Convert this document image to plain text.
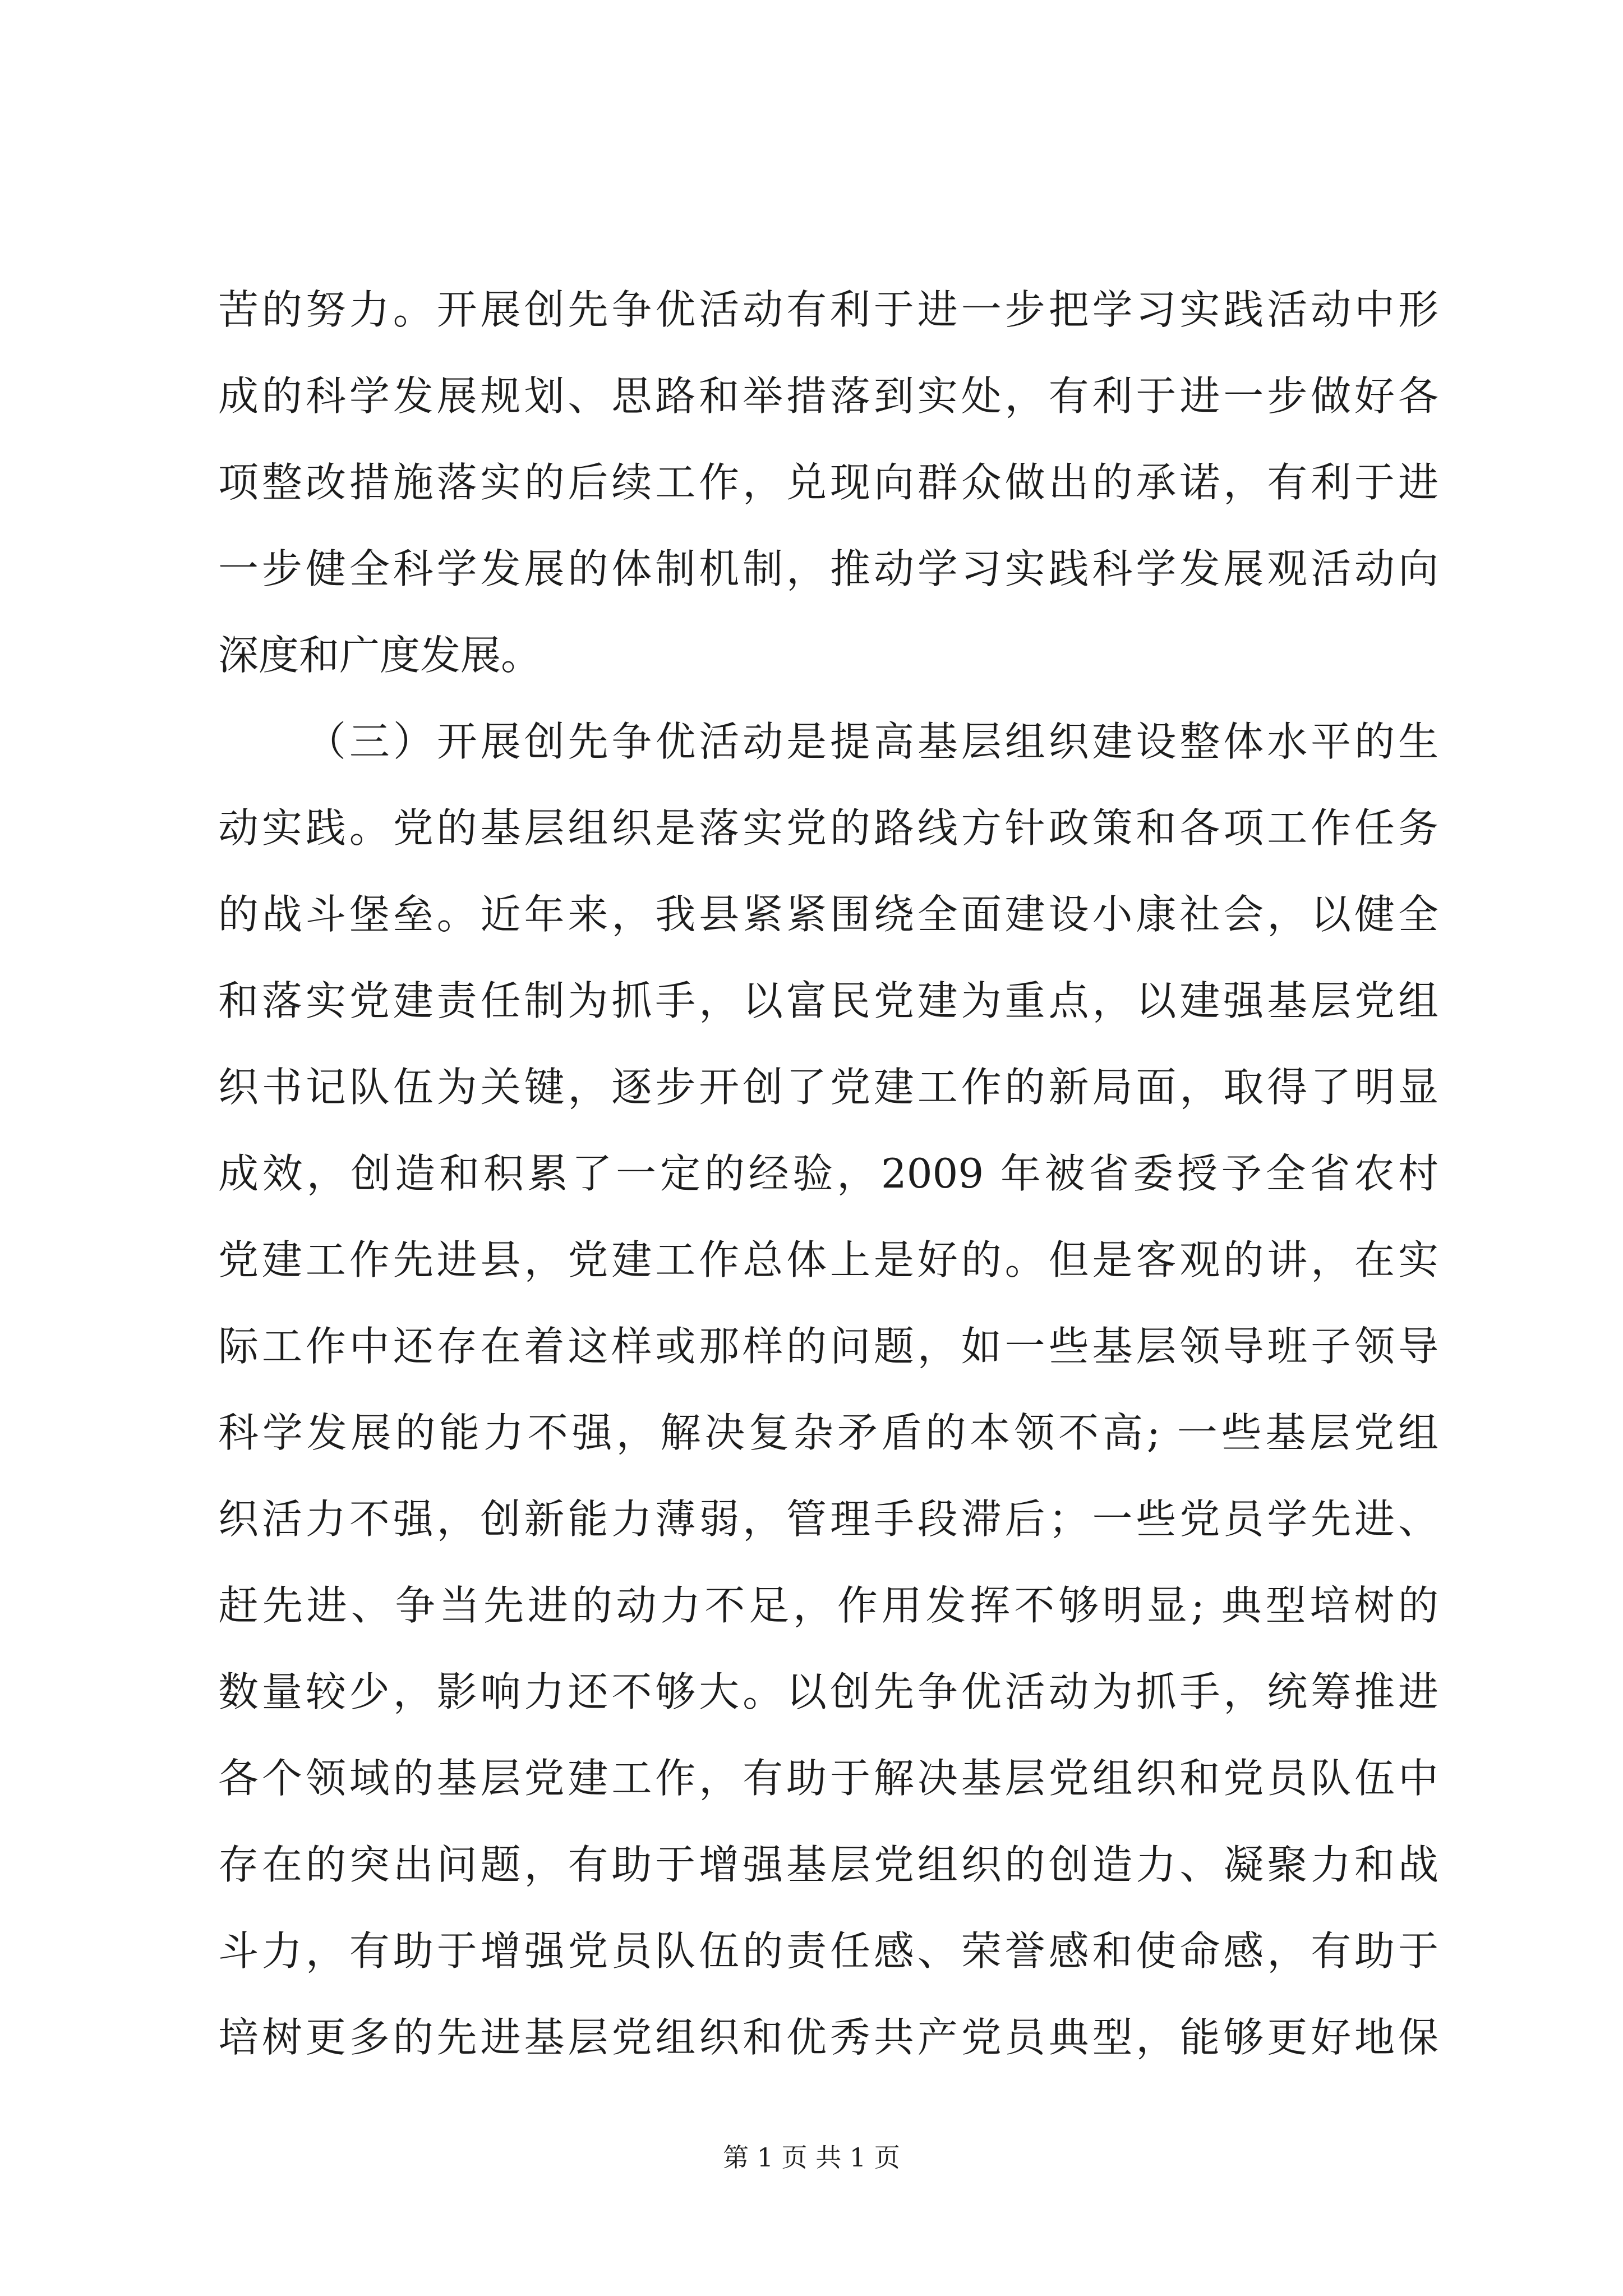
苦的努力。开展创先争优活动有利于进一步把学习实践活动中形
成的科学发展规划、思路和举措落到实处，有利于进一步做好各
项整改措施落实的后续工作，兑现向群众做出的承诺，有利于进
一步健全科学发展的体制机制，推动学习实践科学发展观活动向
深度和广度发展。
（三）开展创先争优活动是提高基层组织建设整体水平的生
动实践。党的基层组织是落实党的路线方针政策和各项工作任务
的战斗堡垒。近年来，我县紧紧围绕全面建设小康社会，以健全
和落实党建责任制为抓手，以富民党建为重点，以建强基层党组
织书记队伍为关键，逐步开创了党建工作的新局面，取得了明显
成效，创造和积累了一定的经验，2009 年被省委授予全省农村
党建工作先进县，党建工作总体上是好的。但是客观的讲，在实
际工作中还存在着这样或那样的问题，如一些基层领导班子领导
科学发展的能力不强，解决复杂矛盾的本领不高; 一些基层党组
织活力不强，创新能力薄弱，管理手段滞后；一些党员学先进、
赶先进、争当先进的动力不足，作用发挥不够明显; 典型培树的
数量较少，影响力还不够大。以创先争优活动为抓手，统筹推进
各个领域的基层党建工作，有助于解决基层党组织和党员队伍中
存在的突出问题，有助于增强基层党组织的创造力、凝聚力和战
斗力，有助于增强党员队伍的责任感、荣誉感和使命感，有助于
培树更多的先进基层党组织和优秀共产党员典型，能够更好地保
第 1 页 共 1 页
